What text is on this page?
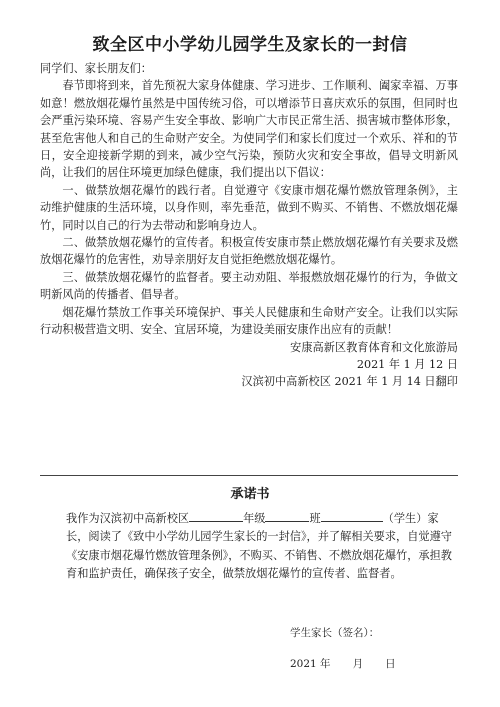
致全区中小学幼儿园学生及家长的一封信

同学们、家长朋友们：

春节即将到来，首先预祝大家身体健康、学习进步、工作顺利、阖家幸福、万事如意！燃放烟花爆竹虽然是中国传统习俗，可以增添节日喜庆欢乐的氛围，但同时也会严重污染环境、容易产生安全事故、影响广大市民正常生活、损害城市整体形象，甚至危害他人和自己的生命财产安全。为使同学们和家长们度过一个欢乐、祥和的节日，安全迎接新学期的到来，减少空气污染，预防火灾和安全事故，倡导文明新风尚，让我们的居住环境更加绿色健康，我们提出以下倡议：

一、做禁放烟花爆竹的践行者。自觉遵守《安康市烟花爆竹燃放管理条例》，主动维护健康的生活环境，以身作则，率先垂范，做到不购买、不销售、不燃放烟花爆竹，同时以自己的行为去带动和影响身边人。

二、做禁放烟花爆竹的宣传者。积极宣传安康市禁止燃放烟花爆竹有关要求及燃放烟花爆竹的危害性，劝导亲朋好友自觉拒绝燃放烟花爆竹。

三、做禁放烟花爆竹的监督者。要主动劝阻、举报燃放烟花爆竹的行为，争做文明新风尚的传播者、倡导者。

烟花爆竹禁放工作事关环境保护、事关人民健康和生命财产安全。让我们以实际行动积极营造文明、安全、宜居环境，为建设美丽安康作出应有的贡献！

安康高新区教育体育和文化旅游局

2021 年 1 月 12 日

汉滨初中高新校区 2021 年 1 月 14 日翻印

承诺书
我作为汉滨初中高新校区	年级	班	（学生）家长，阅读了《致中小学幼儿园学生家长的一封信》，并了解相关要求，自觉遵守《安康市烟花爆竹燃放管理条例》，不购买、不销售、不燃放烟花爆竹，承担教育和监护责任，确保孩子安全，做禁放烟花爆竹的宣传者、监督者。
学生家长（签名）：
2021 年 月 日
